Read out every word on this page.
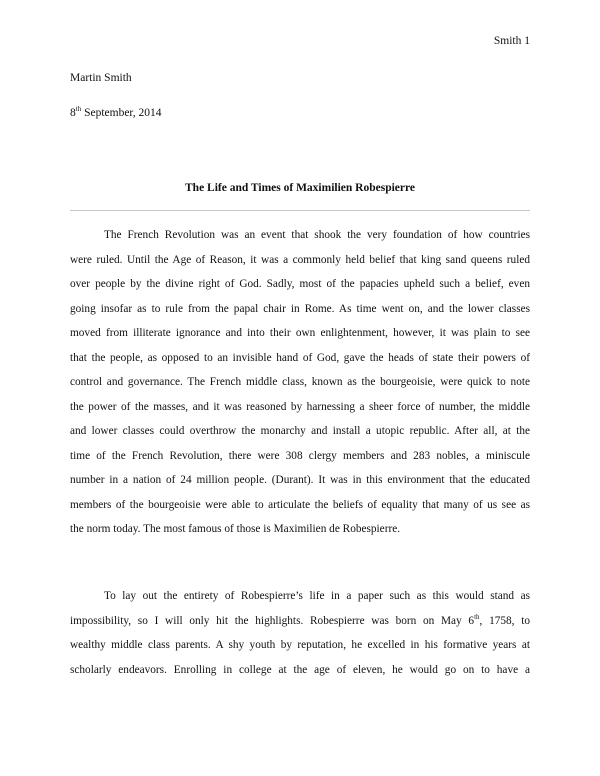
Smith 1
Martin Smith
8th September, 2014
The Life and Times of Maximilien Robespierre
The French Revolution was an event that shook the very foundation of how countries
were ruled. Until the Age of Reason, it was a commonly held belief that king sand queens ruled
over people by the divine right of God. Sadly, most of the papacies upheld such a belief, even
going insofar as to rule from the papal chair in Rome. As time went on, and the lower classes
moved from illiterate ignorance and into their own enlightenment, however, it was plain to see
that the people, as opposed to an invisible hand of God, gave the heads of state their powers of
control and governance. The French middle class, known as the bourgeoisie, were quick to note
the power of the masses, and it was reasoned by harnessing a sheer force of number, the middle
and lower classes could overthrow the monarchy and install a utopic republic. After all, at the
time of the French Revolution, there were 308 clergy members and 283 nobles, a miniscule
number in a nation of 24 million people. (Durant). It was in this environment that the educated
members of the bourgeoisie were able to articulate the beliefs of equality that many of us see as
the norm today. The most famous of those is Maximilien de Robespierre.
To lay out the entirety of Robespierre’s life in a paper such as this would stand as
impossibility, so I will only hit the highlights. Robespierre was born on May 6th, 1758, to
wealthy middle class parents. A shy youth by reputation, he excelled in his formative years at
scholarly endeavors. Enrolling in college at the age of eleven, he would go on to have a
